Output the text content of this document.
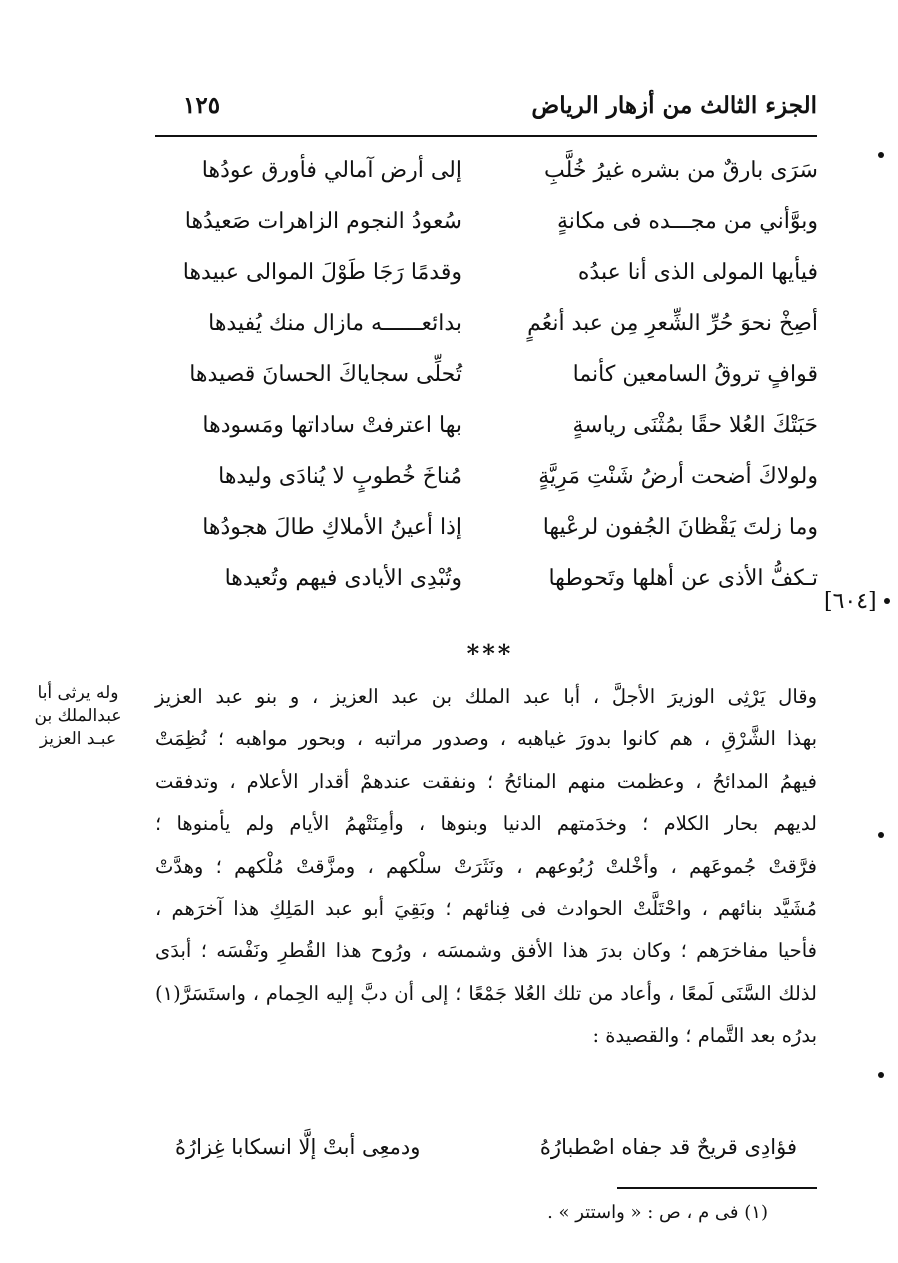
الجزء الثالث من أزهار الرياض
١٢٥
سَرَى بارقٌ من بشره غيرُ خُلَّبِ
إلى أرض آمالي فأورق عودُها
وبوَّأني من مجـــده فى مكانةٍ
سُعودُ النجوم الزاهرات صَعيدُها
فيأيها المولى الذى أنا عبدُه
وقدمًا رَجَا طَوْلَ الموالى عبيدها
أصِخْ نحوَ حُرِّ الشِّعرِ مِن عبد أنعُمٍ
بدائعــــــه مازال منك يُفيدها
قوافٍ تروقُ السامعين كأنما
تُحلِّى سجاياكَ الحسانَ قصيدها
حَبَتْكَ العُلا حقًا بمُثْنَى رياسةٍ
بها اعترفتْ ساداتها ومَسودها
ولولاكَ أضحت أرضُ شَنْتِ مَرِيَّةٍ
مُناخَ خُطوبٍ لا يُنادَى وليدها
وما زلتَ يَقْظانَ الجُفون لرعْيها
إذا أعينُ الأملاكِ طالَ هجودُها
تـكفُّ الأذى عن أهلها وتَحوطها
وتُبْدِى الأيادى فيهم وتُعيدها
[٦٠٤]
***
وله يرثى أبا
عبدالملك بن
عبـد العزيز
وقال يَرْثِى الوزيرَ الأجلَّ ، أبا عبد الملك بن عبد العزيز ، و بنو عبد العزيز
بهذا الشَّرْقِ ، هم كانوا بدورَ غياهبه ، وصدور مراتبه ، وبحور مواهبه ؛ نُظِمَتْ
فيهمُ المدائحُ ، وعظمت منهم المنائحُ ؛ ونفقت عندهمْ أقدار الأعلام ، وتدفقت
لديهم بحار الكلام ؛ وخدَمتهم الدنيا وبنوها ، وأمِنَتْهمُ الأيام ولم يأمنوها ؛
فرَّقتْ جُموعَهم ، وأخْلتْ رُبُوعهم ، ونَثَرَتْ سلْكهم ، ومزَّقتْ مُلْكهم ؛ وهدَّتْ
مُشَيَّد بنائهم ، واحْتَلَّتْ الحوادث فى فِنائهم ؛ وبَقِيَ أبو عبد المَلِكِ هذا آخرَهم ،
فأحيا مفاخرَهم ؛ وكان بدرَ هذا الأفق وشمسَه ، ورُوح هذا القُطرِ ونَفْسَه ؛ أبدَى
لذلك السَّنَى لَمعًا ، وأعاد من تلك العُلا جَمْعًا ؛ إلى أن دبَّ إليه الحِمام ، واستَسَرَّ(١)
بدرُه بعد التَّمام ؛ والقصيدة :
فؤادِى قريحٌ قد جفاه اصْطبارُهُ
ودمعِى أبتْ إلَّا انسكابا غِزارُهُ
(١) فى م ، ص : « واستتر » .
